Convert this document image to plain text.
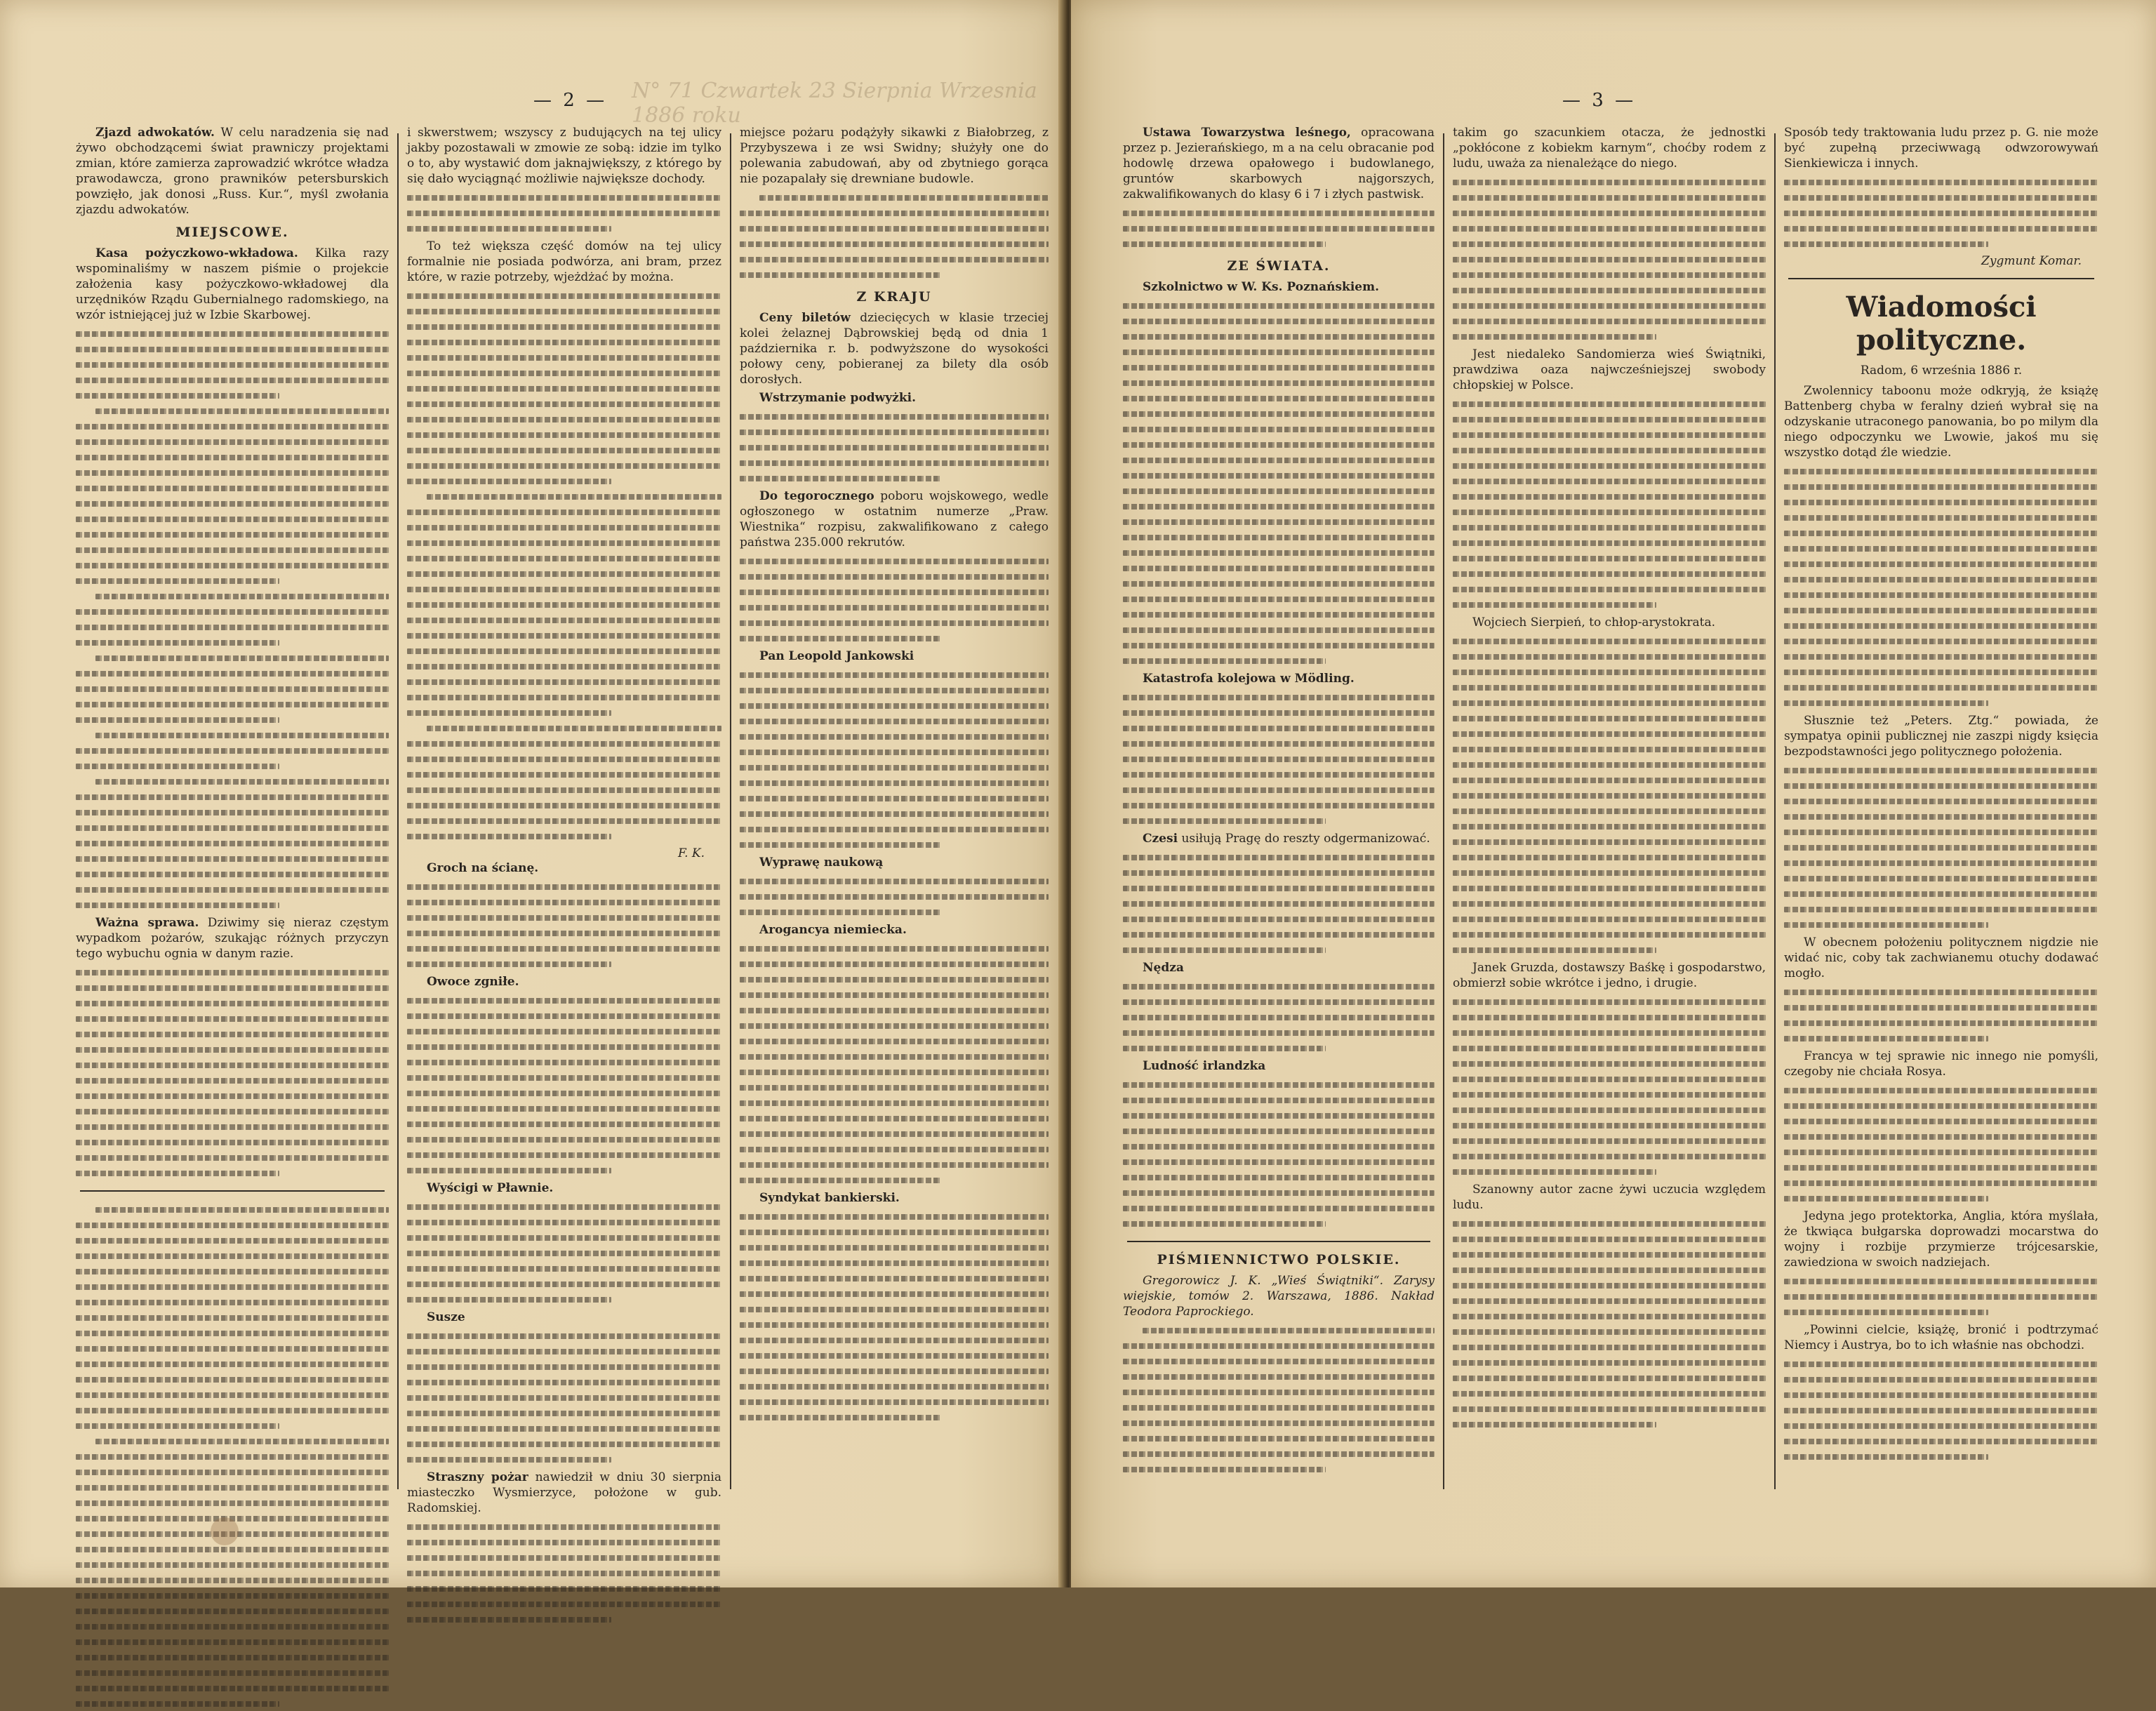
N° 71 Czwartek 23 Sierpnia Wrzesnia 1886 roku
— 2 —

Zjazd adwokatów. W celu naradzenia się nad żywo obchodzącemi świat prawniczy projektami zmian, które zamierza zaprowadzić wkrótce władza prawodawcza, grono prawników petersburskich powzięło, jak donosi „Russ. Kur.“, myśl zwołania zjazdu adwokatów.

MIEJSCOWE.

Kasa pożyczkowo-wkładowa. Kilka razy wspominaliśmy w naszem piśmie o projekcie założenia kasy pożyczkowo-wkładowej dla urzędników Rządu Gubernialnego radomskiego, na wzór istniejącej już w Izbie Skarbowej.

Ważna sprawa. Dziwimy się nieraz częstym wypadkom pożarów, szukając różnych przyczyn tego wybuchu ognia w danym razie.

i skwerstwem; wszyscy z budujących na tej ulicy jakby pozostawali w zmowie ze sobą: idzie im tylko o to, aby wystawić dom jaknajwiększy, z którego by się dało wyciągnąć możliwie największe dochody.

To też większa część domów na tej ulicy formalnie nie posiada podwórza, ani bram, przez które, w razie potrzeby, wjeżdżać by można.

F. K.

Groch na ścianę.

Owoce zgniłe.

Wyścigi w Pławnie.

Susze

Straszny pożar nawiedził w dniu 30 sierpnia miasteczko Wysmierzyce, położone w gub. Radomskiej.

miejsce pożaru podążyły sikawki z Białobrzeg, z Przybyszewa i ze wsi Swidny; służyły one do polewania zabudowań, aby od zbytniego gorąca nie pozapalały się drewniane budowle.

Z KRAJU

Ceny biletów dziecięcych w klasie trzeciej kolei żelaznej Dąbrowskiej będą od dnia 1 października r. b. podwyższone do wysokości połowy ceny, pobieranej za bilety dla osób dorosłych.

Wstrzymanie podwyżki.

Do tegorocznego poboru wojskowego, wedle ogłoszonego w ostatnim numerze „Praw. Wiestnika“ rozpisu, zakwalifikowano z całego państwa 235.000 rekrutów.

Pan Leopold Jankowski

Wyprawę naukową

Arogancya niemiecka.

Syndykat bankierski.

— 3 —

Ustawa Towarzystwa leśnego, opracowana przez p. Jezierańskiego, m a na celu obracanie pod hodowlę drzewa opałowego i budowlanego, gruntów skarbowych najgorszych, zakwalifikowanych do klasy 6 i 7 i złych pastwisk.

ZE ŚWIATA.

Szkolnictwo w W. Ks. Poznańskiem.

Katastrofa kolejowa w Mödling.

Czesi usiłują Pragę do reszty odgermanizować.

Nędza

Ludność irlandzka

PIŚMIENNICTWO POLSKIE.

Gregorowicz J. K. „Wieś Świątniki“. Zarysy wiejskie, tomów 2. Warszawa, 1886. Nakład Teodora Paprockiego.

takim go szacunkiem otacza, że jednostki „pokłócone z kobiekm karnym“, choćby rodem z ludu, uważa za nienależące do niego.

Jest niedaleko Sandomierza wieś Świątniki, prawdziwa oaza najwcześniejszej swobody chłopskiej w Polsce.

Wojciech Sierpień, to chłop-arystokrata.

Janek Gruzda, dostawszy Baśkę i gospodarstwo, obmierzł sobie wkrótce i jedno, i drugie.

Szanowny autor zacne żywi uczucia względem ludu.

Sposób tedy traktowania ludu przez p. G. nie może być zupełną przeciwwagą odwzorowywań Sienkiewicza i innych.

Zygmunt Komar.
Wiadomości polityczne.
Radom, 6 września 1886 r.

Zwolennicy taboonu może odkryją, że książę Battenberg chyba w feralny dzień wybrał się na odzyskanie utraconego panowania, bo po milym dla niego odpoczynku we Lwowie, jakoś mu się wszystko dotąd źle wiedzie.

Słusznie też „Peters. Ztg.“ powiada, że sympatya opinii publicznej nie zaszpi nigdy księcia bezpodstawności jego politycznego położenia.

W obecnem położeniu politycznem nigdzie nie widać nic, coby tak zachwianemu otuchy dodawać mogło.

Francya w tej sprawie nic innego nie pomyśli, czegoby nie chciała Rosya.

Jedyna jego protektorka, Anglia, która myślała, że tkwiąca bułgarska doprowadzi mocarstwa do wojny i rozbije przymierze trójcesarskie, zawiedziona w swoich nadziejach.

„Powinni cielcie, książę, bronić i podtrzymać Niemcy i Austrya, bo to ich właśnie nas obchodzi.
